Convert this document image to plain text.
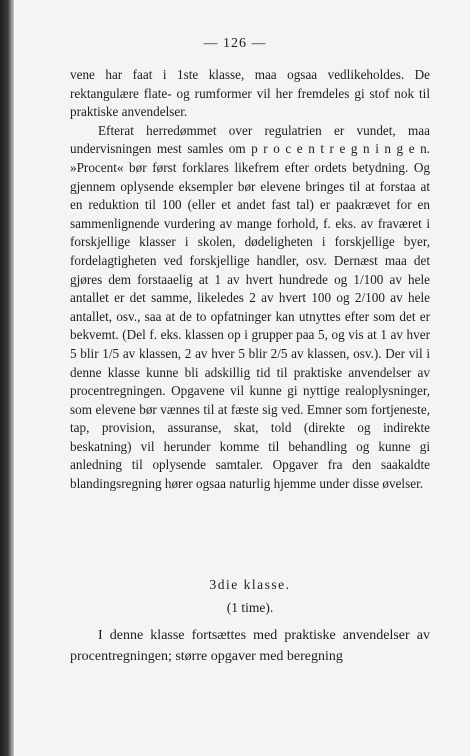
— 126 —

vene har faat i 1ste klasse, maa ogsaa vedlikeholdes. De rektangulære flate- og rumformer vil her fremdeles gi stof nok til praktiske anvendelser.

Efterat herredømmet over regulatrien er vundet, maa undervisningen mest samles om p r o c e n t r e g n i n g e n. »Procent« bør først forklares likefrem efter ordets betydning. Og gjennem oplysende eksempler bør elevene bringes til at forstaa at en reduktion til 100 (eller et andet fast tal) er paakrævet for en sammenlignende vurdering av mange forhold, f. eks. av fraværet i forskjellige klasser i skolen, dødeligheten i forskjellige byer, fordelagtigheten ved forskjellige handler, osv. Dernæst maa det gjøres dem forstaaelig at 1 av hvert hundrede og 1/100 av hele antallet er det samme, likeledes 2 av hvert 100 og 2/100 av hele antallet, osv., saa at de to opfatninger kan utnyttes efter som det er bekvemt. (Del f. eks. klassen op i grupper paa 5, og vis at 1 av hver 5 blir 1/5 av klassen, 2 av hver 5 blir 2/5 av klassen, osv.). Der vil i denne klasse kunne bli adskillig tid til praktiske anvendelser av procentregningen. Opgavene vil kunne gi nyttige realoplysninger, som elevene bør vænnes til at fæste sig ved. Emner som fortjeneste, tap, provision, assuranse, skat, told (direkte og indirekte beskatning) vil herunder komme til behandling og kunne gi anledning til oplysende samtaler. Opgaver fra den saakaldte blandingsregning hører ogsaa naturlig hjemme under disse øvelser.

3die klasse.
(1 time).

I denne klasse fortsættes med praktiske anvendelser av procentregningen; større opgaver med beregning
